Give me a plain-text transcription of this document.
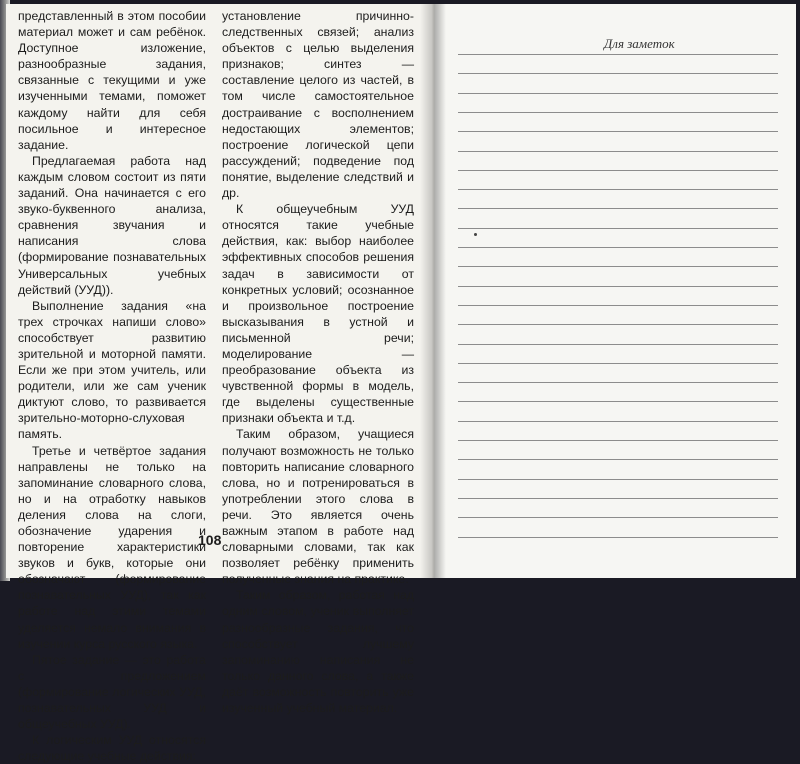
представленный в этом пособии материал может и сам ребёнок. Доступное изложение, разнообразные задания, связанные с текущими и уже изученными темами, поможет каждому найти для себя посильное и интересное задание.

Предлагаемая работа над каждым словом состоит из пяти заданий. Она начинается с его звуко-буквенного анализа, сравнения звучания и написания слова (формирование познавательных Универсальных учебных действий (УУД)).

Выполнение задания «на трех строчках напиши слово» способствует развитию зрительной и моторной памяти. Если же при этом учитель, или родители, или же сам ученик диктуют слово, то развивается зрительно-моторно-слуховая память.

Третье и четвёртое задания направлены не только на запоминание словарного слова, но и на отработку навыков деления слова на слоги, обозначение ударения и повторение характеристики звуков и букв, которые они обозначают (формирование познавательных УУД), так как работе над этими темами уделяется немало внимания в изучении курса русского языка.

Пятое задание — это работа с предложением (формирование логических УУД, познавательных УУД и общеучебных УУД).

К логическим УУД относятся следующие учебные действия:

установление причинно-следственных связей; анализ объектов с целью выделения признаков; синтез — составление целого из частей, в том числе самостоятельное достраивание с восполнением недостающих элементов; построение логической цепи рассуждений; подведение под понятие, выделение следствий и др.

К общеучебным УУД относятся такие учебные действия, как: выбор наиболее эффективных способов решения задач в зависимости от конкретных условий; осознанное и произвольное построение высказывания в устной и письменной речи; моделирование — преобразование объекта из чувственной формы в модель, где выделены существенные признаки объекта и т.д.

Таким образом, учащиеся получают возможность не только повторить написание словарного слова, но и потренироваться в употреблении этого слова в речи. Это является очень важным этапом в работе над словарными словами, так как позволяет ребёнку применить полученные знания на практике.

Таким образом, работая над одним словом, ученик выполняет разнообразные задания, что способствует лучшему запоминанию написания не только данного слова, а также даёт возможность повторить уже изученный учебный материал.

108
Для заметок
